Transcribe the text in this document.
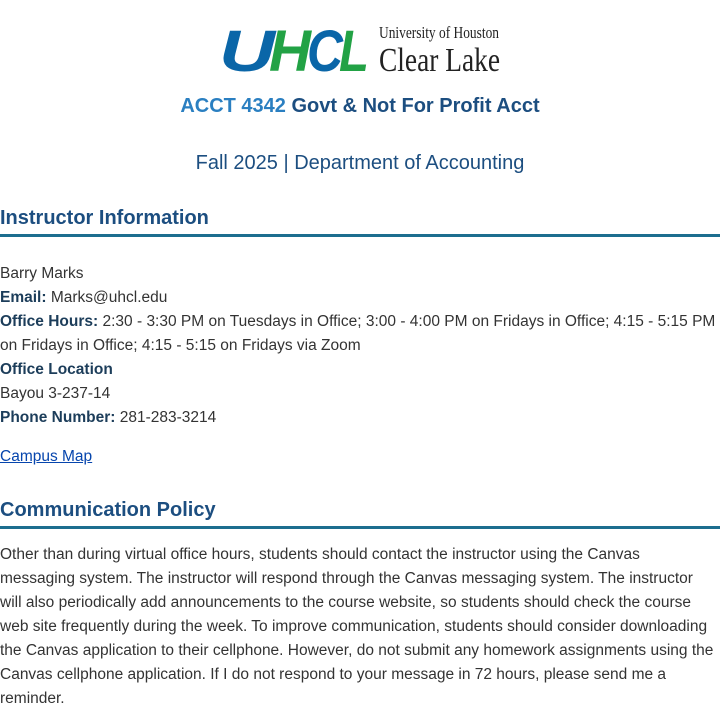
U
H
C
L University of Houston
Clear Lake
ACCT 4342 Govt & Not For Profit Acct

Fall 2025 | Department of Accounting

Instructor Information
Barry Marks
Email: Marks@uhcl.edu
Office Hours: 2:30 - 3:30 PM on Tuesdays in Office; 3:00 - 4:00 PM on Fridays in Office; 4:15 - 5:15 PM on Fridays in Office; 4:15 - 5:15 on Fridays via Zoom
Office Location
Bayou 3-237-14
Phone Number: 281-283-3214
Campus Map
Communication Policy

Other than during virtual office hours, students should contact the instructor using the Canvas messaging system. The instructor will respond through the Canvas messaging system. The instructor will also periodically add announcements to the course website, so students should check the course web site frequently during the week. To improve communication, students should consider downloading the Canvas application to their cellphone. However, do not submit any homework assignments using the Canvas cellphone application. If I do not respond to your message in 72 hours, please send me a reminder.
